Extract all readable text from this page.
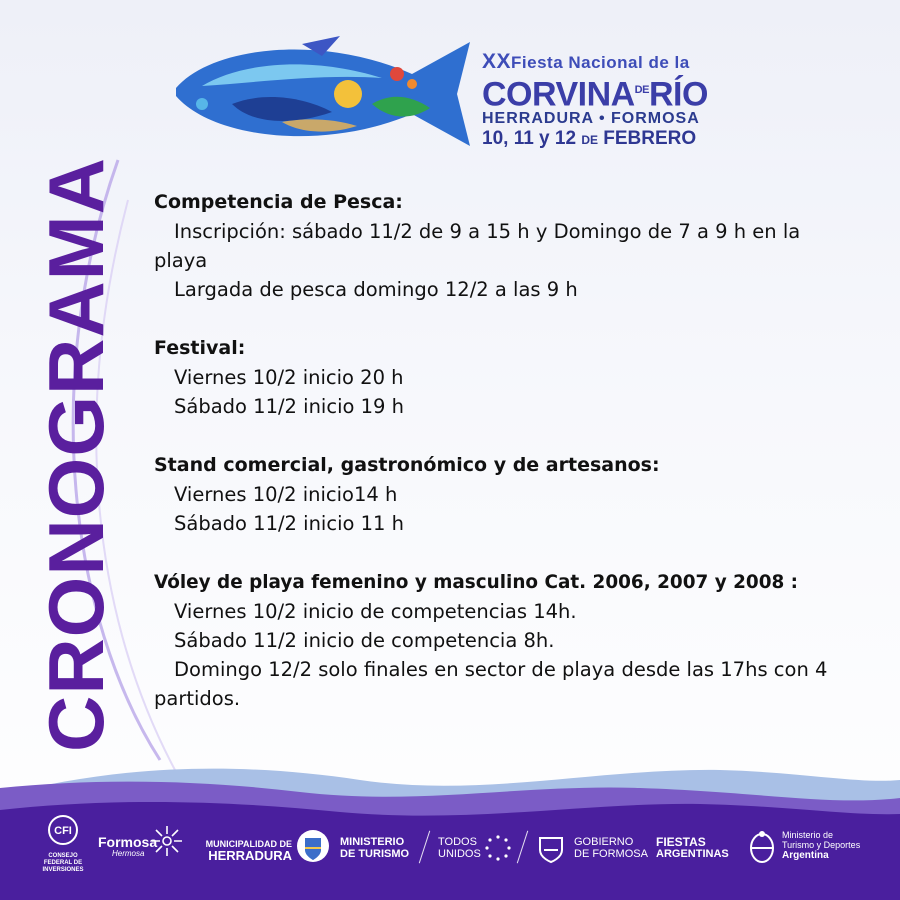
XXFiesta Nacional de la
$CORVINA^{DE}RÍO$
HERRADURA • FORMOSA
10, 11 y 12 DE FEBRERO
CRONOGRAMA Competencia de Pesca:

Inscripción: sábado 11/2 de 9 a 15 h y Domingo de 7 a 9 h en la playa

Largada de pesca domingo 12/2 a las 9 h

Festival:

Viernes 10/2 inicio 20 h

Sábado 11/2 inicio 19 h

Stand comercial, gastronómico y de artesanos:

Viernes 10/2 inicio14 h

Sábado 11/2 inicio 11 h

Vóley de playa femenino y masculino Cat. 2006, 2007 y 2008 :

Viernes 10/2 inicio de competencias 14h.

Sábado 11/2 inicio de competencia 8h.

Domingo 12/2 solo finales en sector de playa desde las 17hs con 4 partidos.

CFI
CONSEJO FEDERAL DE INVERSIONES
Formosa
Hermosa
MUNICIPALIDAD DE
HERRADURA
MINISTERIO
DE TURISMO
TODOS
UNIDOS
GOBIERNO
DE FORMOSA
FIESTAS
ARGENTINAS
Ministerio de
Turismo y Deportes
Argentina
